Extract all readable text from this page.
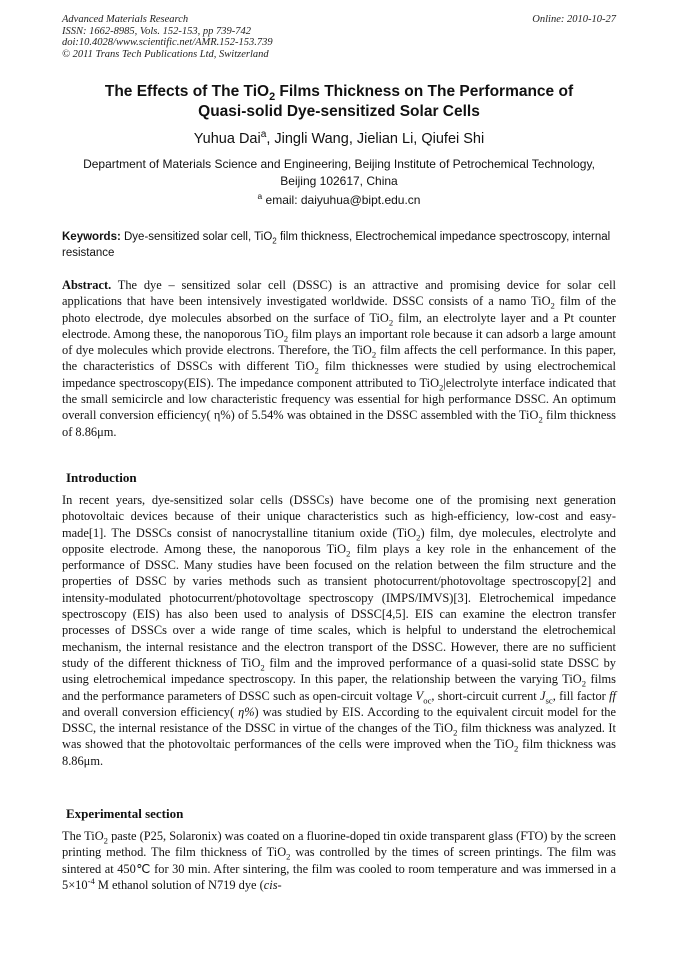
Advanced Materials Research
ISSN: 1662-8985, Vols. 152-153, pp 739-742
doi:10.4028/www.scientific.net/AMR.152-153.739
© 2011 Trans Tech Publications Ltd, Switzerland
Online: 2010-10-27
The Effects of The TiO$_2$ Films Thickness on The Performance of
Quasi-solid Dye-sensitized Solar Cells
Yuhua Dai$^a$, Jingli Wang, Jielian Li, Qiufei Shi
Department of Materials Science and Engineering, Beijing Institute of Petrochemical Technology,
Beijing 102617, China
$^a$ email: daiyuhua@bipt.edu.cn
Keywords: Dye-sensitized solar cell, TiO$_2$ film thickness, Electrochemical impedance spectroscopy, internal resistance
Abstract. The dye – sensitized solar cell (DSSC) is an attractive and promising device for solar cell applications that have been intensively investigated worldwide. DSSC consists of a namo TiO$_2$ film of the photo electrode, dye molecules absorbed on the surface of TiO$_2$ film, an electrolyte layer and a Pt counter electrode. Among these, the nanoporous TiO$_2$ film plays an important role because it can adsorb a large amount of dye molecules which provide electrons. Therefore, the TiO$_2$ film affects the cell performance. In this paper, the characteristics of DSSCs with different TiO$_2$ film thicknesses were studied by using electrochemical impedance spectroscopy(EIS). The impedance component attributed to TiO$_2$|electrolyte interface indicated that the small semicircle and low characteristic frequency was essential for high performance DSSC. An optimum overall conversion efficiency( η%) of 5.54% was obtained in the DSSC assembled with the TiO$_2$ film thickness of 8.86μm.
Introduction
In recent years, dye-sensitized solar cells (DSSCs) have become one of the promising next generation photovoltaic devices because of their unique characteristics such as high-efficiency, low-cost and easy-made[1]. The DSSCs consist of nanocrystalline titanium oxide (TiO$_2$) film, dye molecules, electrolyte and opposite electrode. Among these, the nanoporous TiO$_2$ film plays a key role in the enhancement of the performance of DSSC. Many studies have been focused on the relation between the film structure and the properties of DSSC by varies methods such as transient photocurrent/photovoltage spectroscopy[2] and intensity-modulated photocurrent/photovoltage spectroscopy (IMPS/IMVS)[3]. Eletrochemical impedance spectroscopy (EIS) has also been used to analysis of DSSC[4,5]. EIS can examine the electron transfer processes of DSSCs over a wide range of time scales, which is helpful to understand the eletrochemical mechanism, the internal resistance and the electron transport of the DSSC. However, there are no sufficient study of the different thickness of TiO$_2$ film and the improved performance of a quasi-solid state DSSC by using eletrochemical impedance spectroscopy. In this paper, the relationship between the varying TiO$_2$ films and the performance parameters of DSSC such as open-circuit voltage $V_{oc}$, short-circuit current $J_{sc}$, fill factor ff and overall conversion efficiency( η%) was studied by EIS. According to the equivalent circuit model for the DSSC, the internal resistance of the DSSC in virtue of the changes of the TiO$_2$ film thickness was analyzed. It was showed that the photovoltaic performances of the cells were improved when the TiO$_2$ film thickness was 8.86μm.
Experimental section
The TiO$_2$ paste (P25, Solaronix) was coated on a fluorine-doped tin oxide transparent glass (FTO) by the screen printing method. The film thickness of TiO$_2$ was controlled by the times of screen printings. The film was sintered at 450℃ for 30 min. After sintering, the film was cooled to room temperature and was immersed in a $5\times 10^{-4}$ M ethanol solution of N719 dye (cis-
